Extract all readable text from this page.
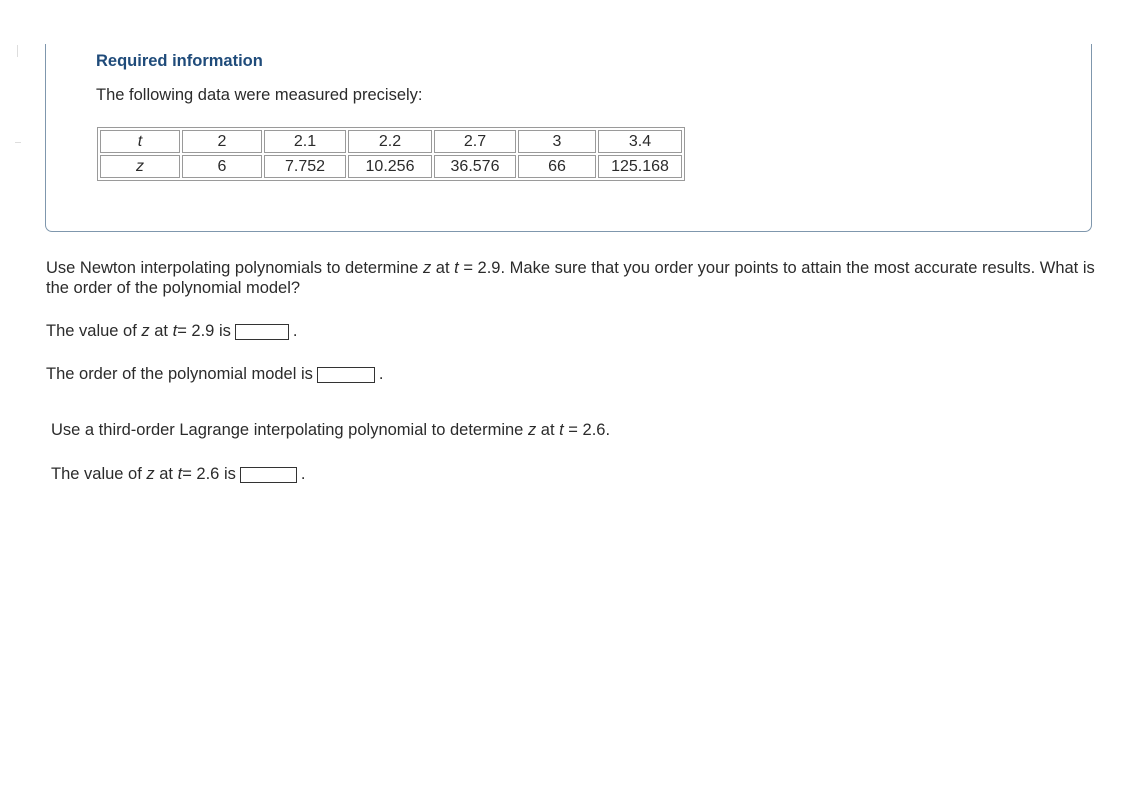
Required information

The following data were measured precisely:

t	2	2.1	2.2	2.7	3	3.4
z	6	7.752	10.256	36.576	66	125.168

Use Newton interpolating polynomials to determine z at t = 2.9. Make sure that you order your points to attain the most accurate results. What is the order of the polynomial model?

The value of
z
at
t = 2.9 is	.

The order of the polynomial model is	.

Use a third-order Lagrange interpolating polynomial to determine z at t = 2.6.

The value of
z
at
t = 2.6 is	.
